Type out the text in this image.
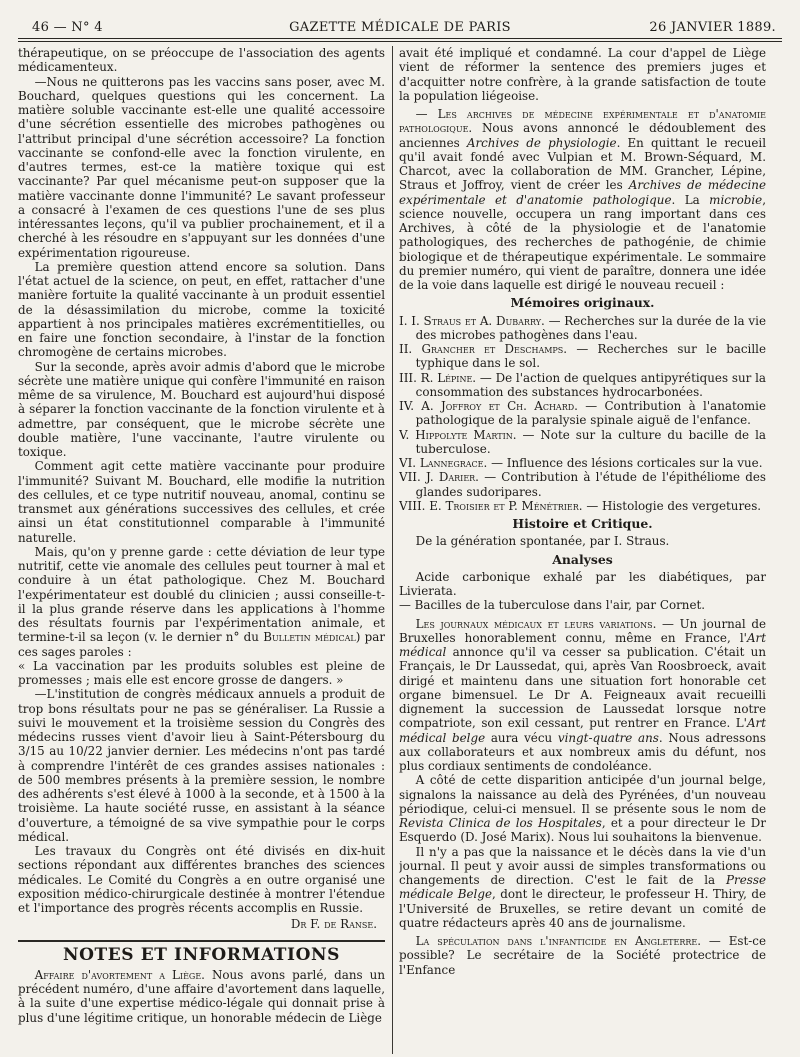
46 — N° 4	GAZETTE MÉDICALE DE PARIS	26 JANVIER 1889.

thérapeutique, on se préoccupe de l'association des agents médicamenteux.

—Nous ne quitterons pas les vaccins sans poser, avec M. Bouchard, quelques questions qui les concernent. La matière soluble vaccinante est-elle une qualité accessoire d'une sécrétion essentielle des microbes pathogènes ou l'attribut principal d'une sécrétion accessoire? La fonction vaccinante se confond-elle avec la fonction virulente, en d'autres termes, est-ce la matière toxique qui est vaccinante? Par quel mécanisme peut-on supposer que la matière vaccinante donne l'immunité? Le savant professeur a consacré à l'examen de ces questions l'une de ses plus intéressantes leçons, qu'il va publier prochainement, et il a cherché à les résoudre en s'appuyant sur les données d'une expérimentation rigoureuse.

La première question attend encore sa solution. Dans l'état actuel de la science, on peut, en effet, rattacher d'une manière fortuite la qualité vaccinante à un produit essentiel de la désassimilation du microbe, comme la toxicité appartient à nos principales matières excrémentitielles, ou en faire une fonction secondaire, à l'instar de la fonction chromogène de certains microbes.

Sur la seconde, après avoir admis d'abord que le microbe sécrète une matière unique qui confère l'immunité en raison même de sa virulence, M. Bouchard est aujourd'hui disposé à séparer la fonction vaccinante de la fonction virulente et à admettre, par conséquent, que le microbe sécrète une double matière, l'une vaccinante, l'autre virulente ou toxique.

Comment agit cette matière vaccinante pour produire l'immunité? Suivant M. Bouchard, elle modifie la nutrition des cellules, et ce type nutritif nouveau, anomal, continu se transmet aux générations successives des cellules, et crée ainsi un état constitutionnel comparable à l'immunité naturelle.

Mais, qu'on y prenne garde : cette déviation de leur type nutritif, cette vie anomale des cellules peut tourner à mal et conduire à un état pathologique. Chez M. Bouchard l'expérimentateur est doublé du clinicien ; aussi conseille-t-il la plus grande réserve dans les applications à l'homme des résultats fournis par l'expérimentation animale, et termine-t-il sa leçon (v. le dernier n° du Bulletin médical) par ces sages paroles :

« La vaccination par les produits solubles est pleine de promesses ; mais elle est encore grosse de dangers. »

—L'institution de congrès médicaux annuels a produit de trop bons résultats pour ne pas se généraliser. La Russie a suivi le mouvement et la troisième session du Congrès des médecins russes vient d'avoir lieu à Saint-Pétersbourg du 3/15 au 10/22 janvier dernier. Les médecins n'ont pas tardé à comprendre l'intérêt de ces grandes assises nationales : de 500 membres présents à la première session, le nombre des adhérents s'est élevé à 1000 à la seconde, et à 1500 à la troisième. La haute société russe, en assistant à la séance d'ouverture, a témoigné de sa vive sympathie pour le corps médical.

Les travaux du Congrès ont été divisés en dix-huit sections répondant aux différentes branches des sciences médicales. Le Comité du Congrès a en outre organisé une exposition médico-chirurgicale destinée à montrer l'étendue et l'importance des progrès récents accomplis en Russie.

Dr F. de Ranse.

NOTES ET INFORMATIONS

Affaire d'avortement a Liège. Nous avons parlé, dans un précédent numéro, d'une affaire d'avortement dans laquelle, à la suite d'une expertise médico-légale qui donnait prise à plus d'une légitime critique, un honorable médecin de Liège

avait été impliqué et condamné. La cour d'appel de Liège vient de réformer la sentence des premiers juges et d'acquitter notre confrère, à la grande satisfaction de toute la population liégeoise.

— Les archives de médecine expérimentale et d'anatomie pathologique. Nous avons annoncé le dédoublement des anciennes Archives de physiologie. En quittant le recueil qu'il avait fondé avec Vulpian et M. Brown-Séquard, M. Charcot, avec la collaboration de MM. Grancher, Lépine, Straus et Joffroy, vient de créer les Archives de médecine expérimentale et d'anatomie pathologique. La microbie, science nouvelle, occupera un rang important dans ces Archives, à côté de la physiologie et de l'anatomie pathologiques, des recherches de pathogénie, de chimie biologique et de thérapeutique expérimentale. Le sommaire du premier numéro, qui vient de paraître, donnera une idée de la voie dans laquelle est dirigé le nouveau recueil :

Mémoires originaux.

I. I. Straus et A. Dubarry. — Recherches sur la durée de la vie des microbes pathogènes dans l'eau.

II. Grancher et Deschamps. — Recherches sur le bacille typhique dans le sol.

III. R. Lépine. — De l'action de quelques antipyrétiques sur la consommation des substances hydrocarbonées.

IV. A. Joffroy et Ch. Achard. — Contribution à l'anatomie pathologique de la paralysie spinale aiguë de l'enfance.

V. Hippolyte Martin. — Note sur la culture du bacille de la tuberculose.

VI. Lannegrace. — Influence des lésions corticales sur la vue.

VII. J. Darier. — Contribution à l'étude de l'épithéliome des glandes sudoripares.

VIII. E. Troisier et P. Ménétrier. — Histologie des vergetures.

Histoire et Critique.

De la génération spontanée, par I. Straus.

Analyses

Acide carbonique exhalé par les diabétiques, par Livierata.

— Bacilles de la tuberculose dans l'air, par Cornet.

Les journaux médicaux et leurs variations. — Un journal de Bruxelles honorablement connu, même en France, l'Art médical annonce qu'il va cesser sa publication. C'était un Français, le Dr Laussedat, qui, après Van Roosbroeck, avait dirigé et maintenu dans une situation fort honorable cet organe bimensuel. Le Dr A. Feigneaux avait recueilli dignement la succession de Laussedat lorsque notre compatriote, son exil cessant, put rentrer en France. L'Art médical belge aura vécu vingt-quatre ans. Nous adressons aux collaborateurs et aux nombreux amis du défunt, nos plus cordiaux sentiments de condoléance.

A côté de cette disparition anticipée d'un journal belge, signalons la naissance au delà des Pyrénées, d'un nouveau périodique, celui-ci mensuel. Il se présente sous le nom de Revista Clinica de los Hospitales, et a pour directeur le Dr Esquerdo (D. José Marix). Nous lui souhaitons la bienvenue.

Il n'y a pas que la naissance et le décès dans la vie d'un journal. Il peut y avoir aussi de simples transformations ou changements de direction. C'est le fait de la Presse médicale Belge, dont le directeur, le professeur H. Thiry, de l'Université de Bruxelles, se retire devant un comité de quatre rédacteurs après 40 ans de journalisme.

La spéculation dans l'infanticide en Angleterre. — Est-ce possible? Le secrétaire de la Société protectrice de l'Enfance
